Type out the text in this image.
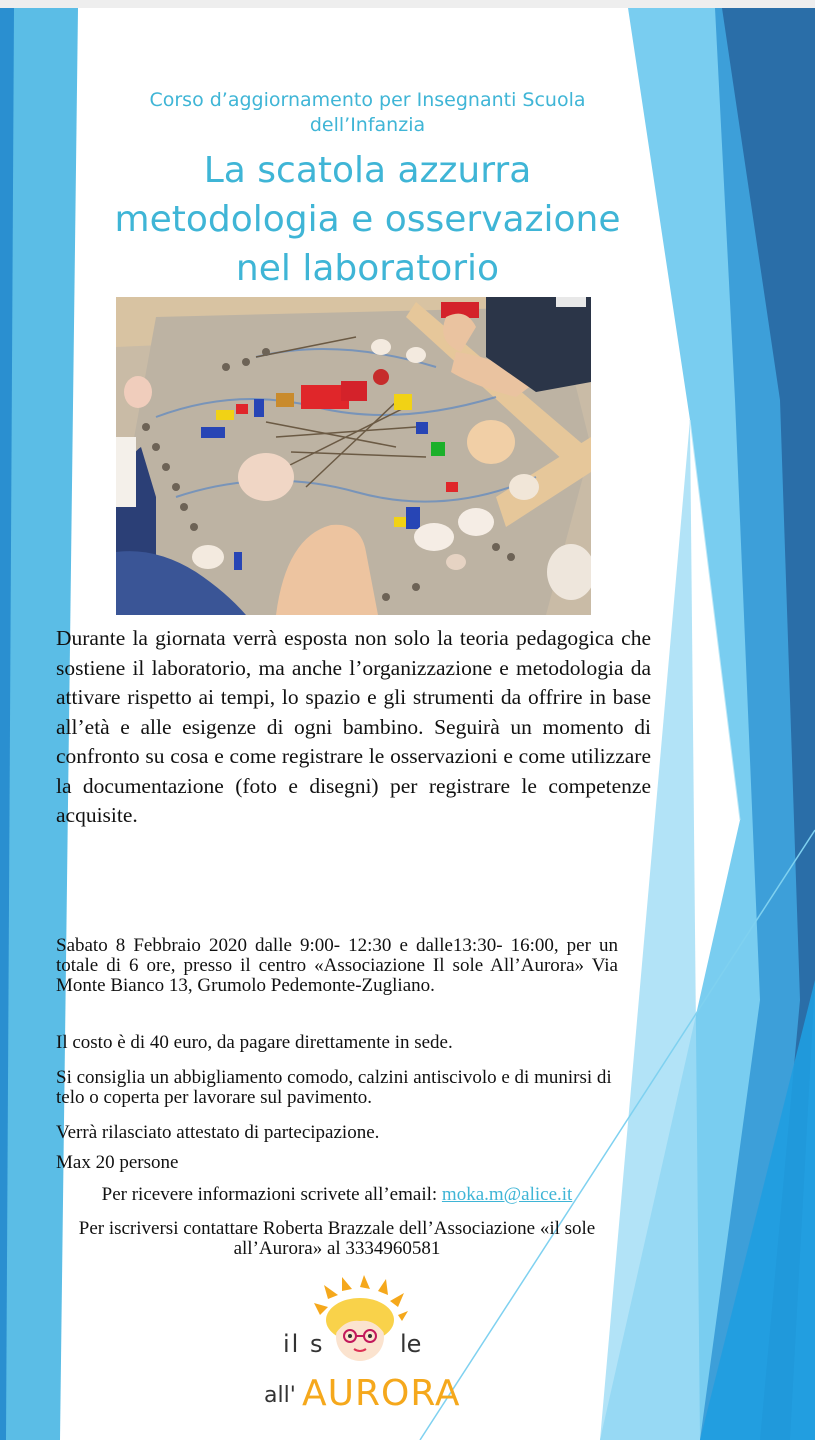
Corso d’aggiornamento per Insegnanti Scuola dell’Infanzia
La scatola azzurra
metodologia e osservazione
nel laboratorio
Durante la giornata verrà esposta non solo la teoria pedagogica che sostiene il laboratorio, ma anche l’organizzazione e metodologia da attivare rispetto ai tempi, lo spazio e gli strumenti da offrire in base all’età e alle esigenze di ogni bambino. Seguirà un momento di confronto su cosa e come registrare le osservazioni e come utilizzare la documentazione (foto e disegni) per registrare le competenze acquisite.
Sabato 8 Febbraio 2020 dalle 9:00- 12:30 e dalle13:30- 16:00, per un totale di 6 ore, presso il centro «Associazione Il sole All’Aurora» Via Monte Bianco 13, Grumolo Pedemonte-Zugliano.
Il costo è di 40 euro, da pagare direttamente in sede.
Si consiglia un abbigliamento comodo, calzini antiscivolo e di munirsi di telo o coperta per lavorare sul pavimento.
Verrà rilasciato attestato di partecipazione.
Max 20 persone
Per ricevere informazioni scrivete all’email: moka.m@alice.it
Per iscriversi contattare Roberta Brazzale dell’Associazione «il sole all’Aurora» al 3334960581
il s	le
all' AURORA
